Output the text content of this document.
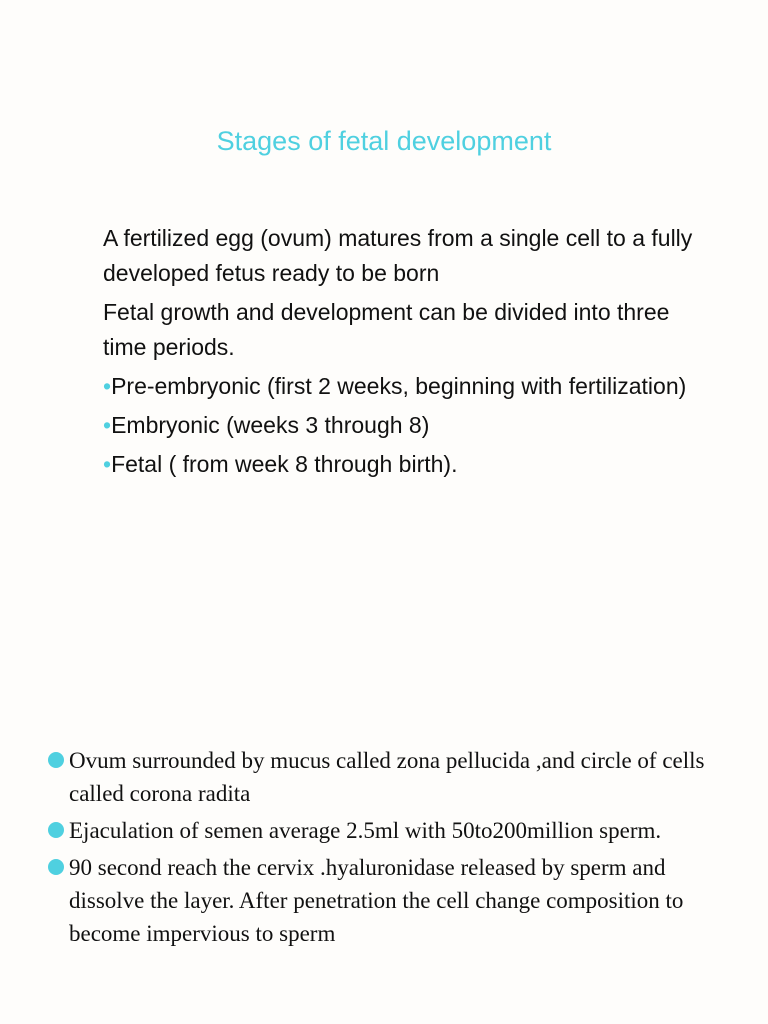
Stages of fetal development

A fertilized egg (ovum) matures from a single cell to a fully developed fetus ready to be born

Fetal growth and development can be divided into three time periods.

•Pre-embryonic (first 2 weeks, beginning with fertilization)

•Embryonic (weeks 3 through 8)

•Fetal ( from week 8 through birth).

Ovum surrounded by mucus called zona pellucida ,and circle of cells called corona radita
Ejaculation of semen average 2.5ml with 50to200million sperm.
90 second reach the cervix .hyaluronidase released by sperm and dissolve the layer. After penetration the cell change composition to become impervious to sperm
